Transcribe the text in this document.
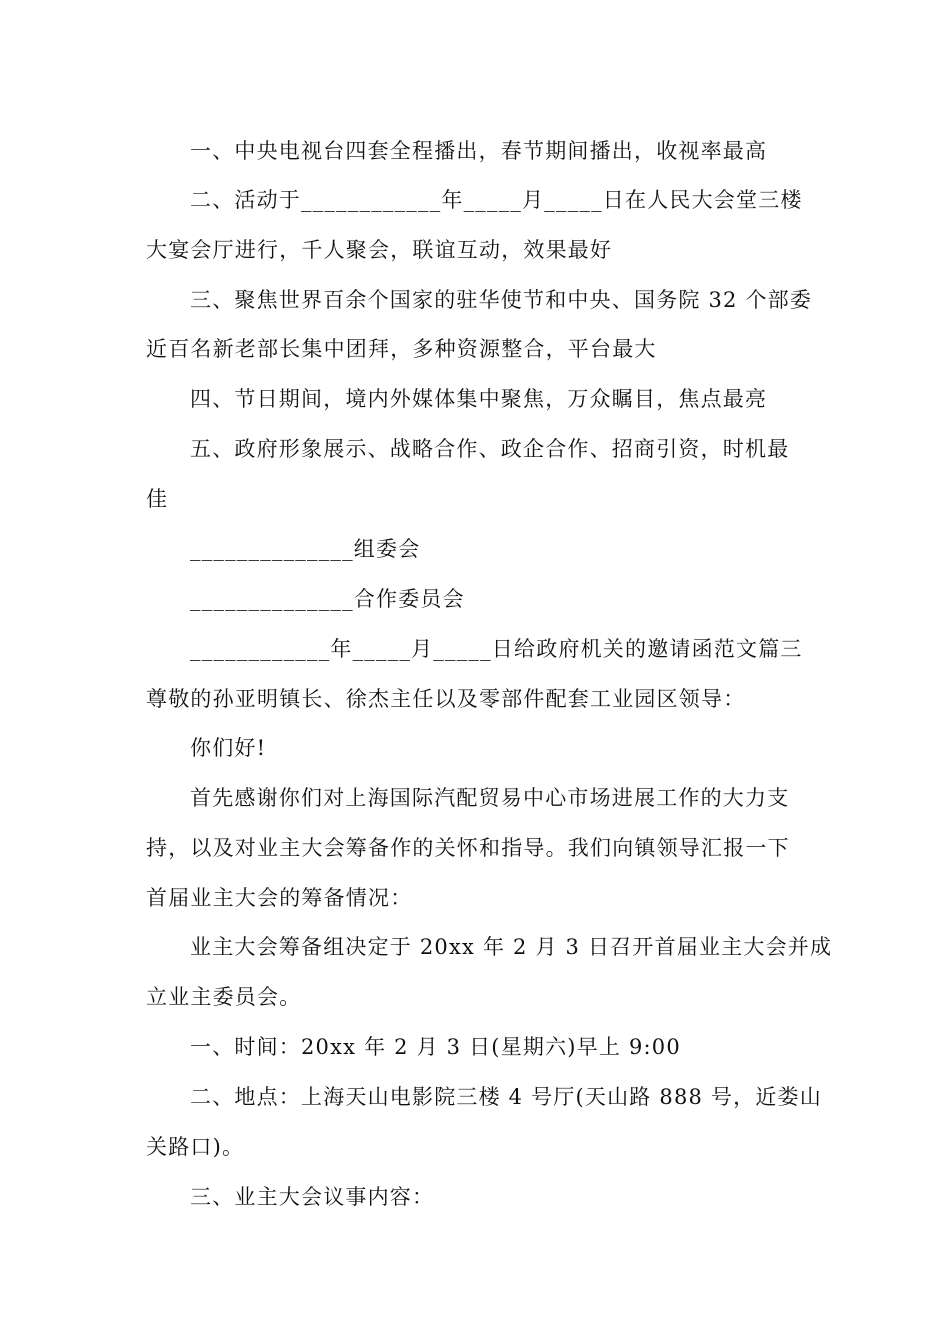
一、中央电视台四套全程播出，春节期间播出，收视率最高
二、活动于____________年_____月_____日在人民大会堂三楼
大宴会厅进行，千人聚会，联谊互动，效果最好
三、聚焦世界百余个国家的驻华使节和中央、国务院 32 个部委
近百名新老部长集中团拜，多种资源整合，平台最大
四、节日期间，境内外媒体集中聚焦，万众瞩目，焦点最亮
五、政府形象展示、战略合作、政企合作、招商引资，时机最
佳
______________组委会
______________合作委员会
____________年_____月_____日给政府机关的邀请函范文篇三
尊敬的孙亚明镇长、徐杰主任以及零部件配套工业园区领导：
你们好!
首先感谢你们对上海国际汽配贸易中心市场进展工作的大力支
持，以及对业主大会筹备作的关怀和指导。我们向镇领导汇报一下
首届业主大会的筹备情况：
业主大会筹备组决定于 20xx 年 2 月 3 日召开首届业主大会并成
立业主委员会。
一、时间：20xx 年 2 月 3 日(星期六)早上 9:00
二、地点：上海天山电影院三楼 4 号厅(天山路 888 号，近娄山
关路口)。
三、业主大会议事内容：
